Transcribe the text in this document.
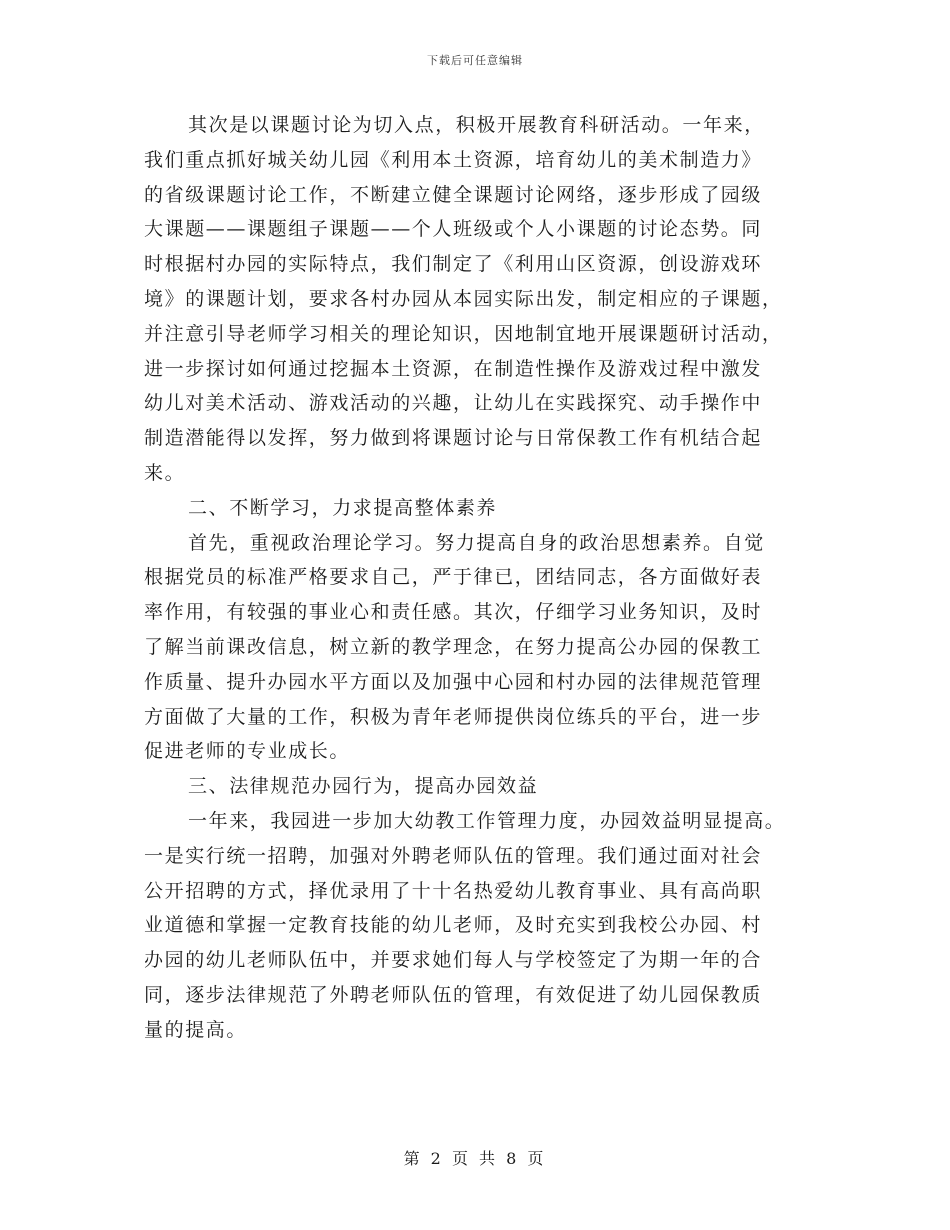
下载后可任意编辑
其次是以课题讨论为切入点，积极开展教育科研活动。一年来，
我们重点抓好城关幼儿园《利用本土资源，培育幼儿的美术制造力》
的省级课题讨论工作，不断建立健全课题讨论网络，逐步形成了园级
大课题——课题组子课题——个人班级或个人小课题的讨论态势。同
时根据村办园的实际特点，我们制定了《利用山区资源，创设游戏环
境》的课题计划，要求各村办园从本园实际出发，制定相应的子课题，
并注意引导老师学习相关的理论知识，因地制宜地开展课题研讨活动，
进一步探讨如何通过挖掘本土资源，在制造性操作及游戏过程中激发
幼儿对美术活动、游戏活动的兴趣，让幼儿在实践探究、动手操作中
制造潜能得以发挥，努力做到将课题讨论与日常保教工作有机结合起
来。
二、不断学习，力求提高整体素养
首先，重视政治理论学习。努力提高自身的政治思想素养。自觉
根据党员的标准严格要求自己，严于律已，团结同志，各方面做好表
率作用，有较强的事业心和责任感。其次，仔细学习业务知识，及时
了解当前课改信息，树立新的教学理念，在努力提高公办园的保教工
作质量、提升办园水平方面以及加强中心园和村办园的法律规范管理
方面做了大量的工作，积极为青年老师提供岗位练兵的平台，进一步
促进老师的专业成长。
三、法律规范办园行为，提高办园效益
一年来，我园进一步加大幼教工作管理力度，办园效益明显提高。
一是实行统一招聘，加强对外聘老师队伍的管理。我们通过面对社会
公开招聘的方式，择优录用了十十名热爱幼儿教育事业、具有高尚职
业道德和掌握一定教育技能的幼儿老师，及时充实到我校公办园、村
办园的幼儿老师队伍中，并要求她们每人与学校签定了为期一年的合
同，逐步法律规范了外聘老师队伍的管理，有效促进了幼儿园保教质
量的提高。
第 2 页 共 8 页
